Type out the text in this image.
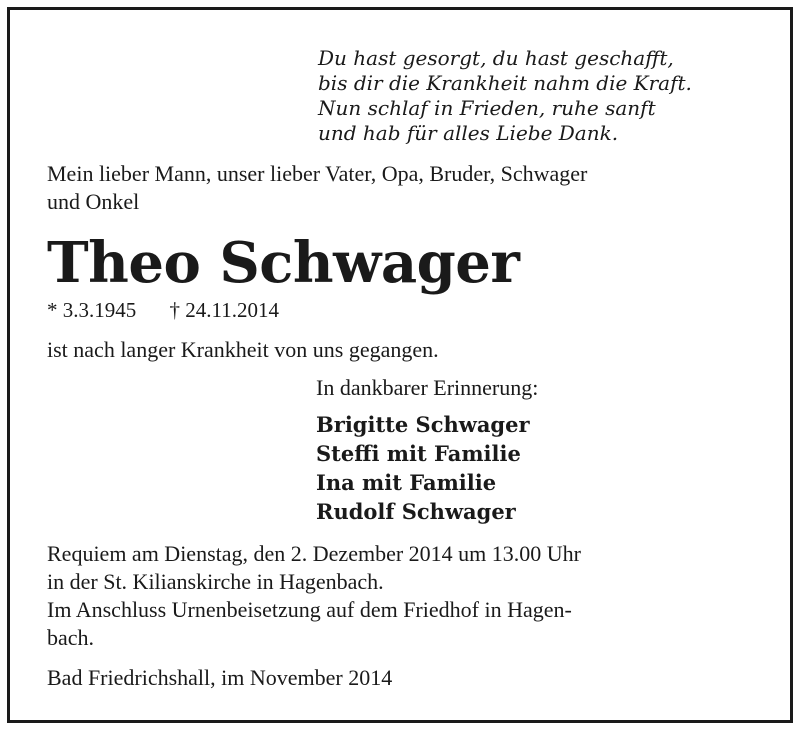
Du hast gesorgt, du hast geschafft,
bis dir die Krankheit nahm die Kraft.
Nun schlaf in Frieden, ruhe sanft
und hab für alles Liebe Dank.
Mein lieber Mann, unser lieber Vater, Opa, Bruder, Schwager
und Onkel
Theo Schwager
* 3.3.1945 † 24.11.2014
ist nach langer Krankheit von uns gegangen.
In dankbarer Erinnerung:
Brigitte Schwager
Steffi mit Familie
Ina mit Familie
Rudolf Schwager
Requiem am Dienstag, den 2. Dezember 2014 um 13.00 Uhr
in der St. Kilianskirche in Hagenbach.
Im Anschluss Urnenbeisetzung auf dem Friedhof in Hagen-
bach.
Bad Friedrichshall, im November 2014
